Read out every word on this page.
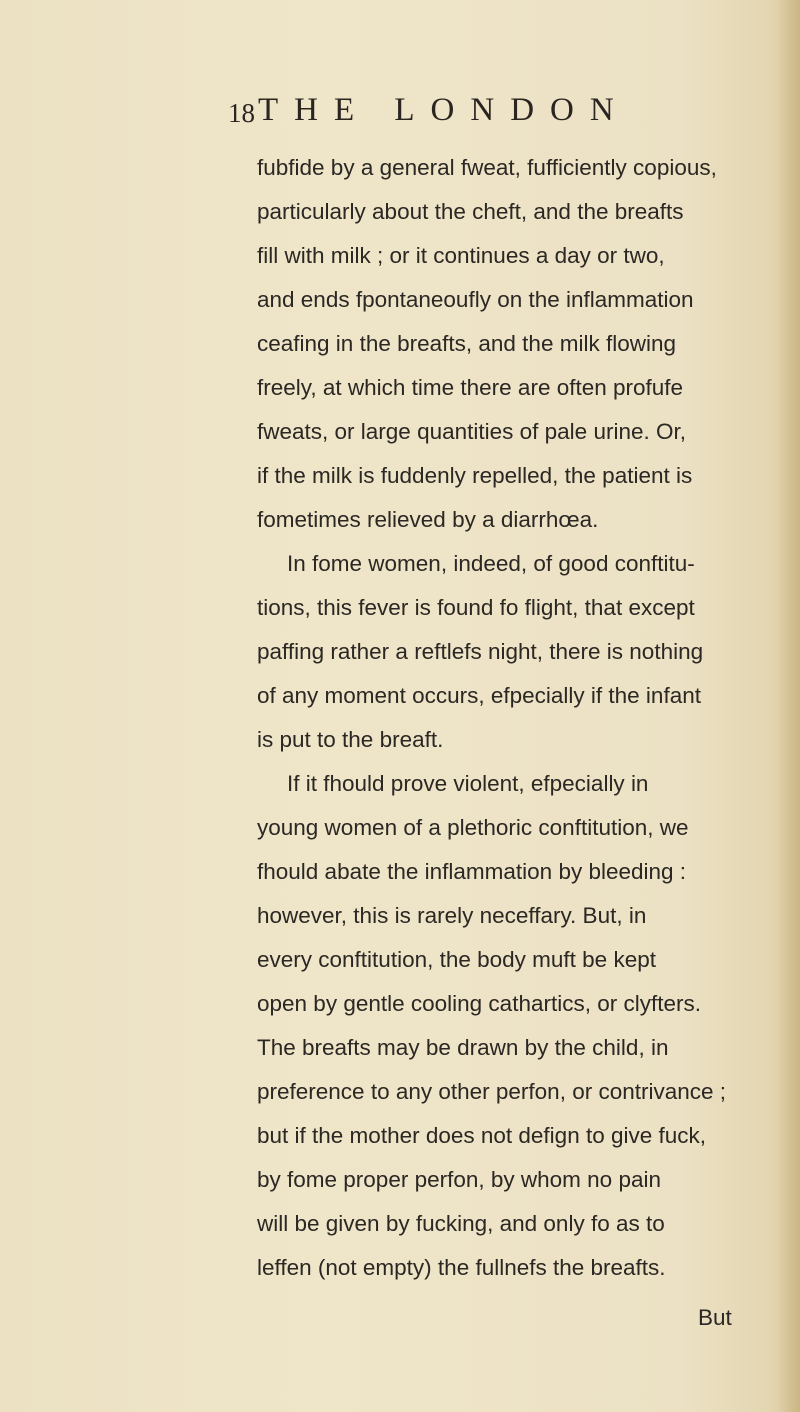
18 THE LONDON
fubfide by a general fweat, fufficiently copious,
particularly about the cheft, and the breafts
fill with milk ; or it continues a day or two,
and ends fpontaneoufly on the inflammation
ceafing in the breafts, and the milk flowing
freely, at which time there are often profufe
fweats, or large quantities of pale urine. Or,
if the milk is fuddenly repelled, the patient is
fometimes relieved by a diarrhœa.
In fome women, indeed, of good conftitu-
tions, this fever is found fo flight, that except
paffing rather a reftlefs night, there is nothing
of any moment occurs, efpecially if the infant
is put to the breaft.
If it fhould prove violent, efpecially in
young women of a plethoric conftitution, we
fhould abate the inflammation by bleeding :
however, this is rarely neceffary. But, in
every conftitution, the body muft be kept
open by gentle cooling cathartics, or clyfters.
The breafts may be drawn by the child, in
preference to any other perfon, or contrivance ;
but if the mother does not defign to give fuck,
by fome proper perfon, by whom no pain
will be given by fucking, and only fo as to
leffen (not empty) the fullnefs the breafts.
But
